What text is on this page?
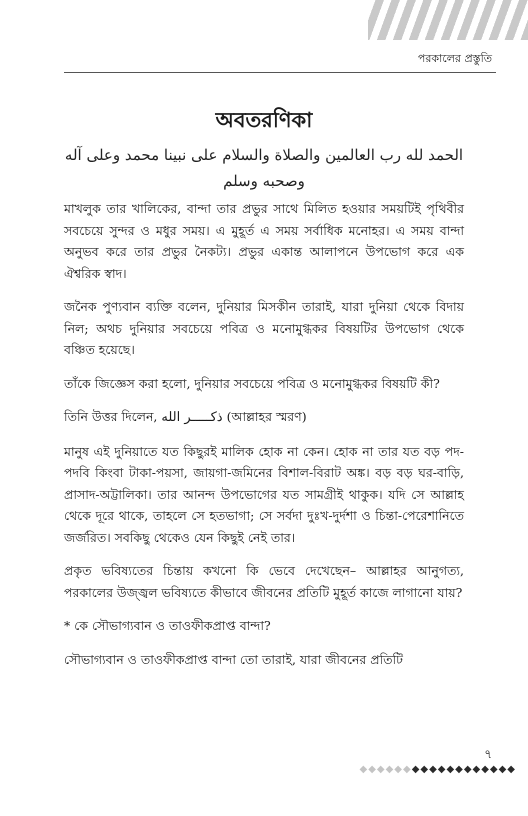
পরকালের প্রস্তুতি
অবতরণিকা
الحمد لله رب العالمين والصلاة والسلام على نبينا محمد وعلى آله وصحبه وسلم

মাখলুক তার খালিকের, বান্দা তার প্রভুর সাথে মিলিত হওয়ার সময়টিই পৃথিবীর সবচেয়ে সুন্দর ও মধুর সময়। এ মুহূর্ত এ সময় সর্বাধিক মনোহর। এ সময় বান্দা অনুভব করে তার প্রভুর নৈকট্য। প্রভুর একান্ত আলাপনে উপভোগ করে এক ঐশ্বরিক স্বাদ।

জনৈক পুণ্যবান ব্যক্তি বলেন, দুনিয়ার মিসকীন তারাই, যারা দুনিয়া থেকে বিদায় নিল; অথচ দুনিয়ার সবচেয়ে পবিত্র ও মনোমুগ্ধকর বিষয়টির উপভোগ থেকে বঞ্চিত হয়েছে।

তাঁকে জিজ্ঞেস করা হলো, দুনিয়ার সবচেয়ে পবিত্র ও মনোমুগ্ধকর বিষয়টি কী?

তিনি উত্তর দিলেন, ذكـــــر الله (আল্লাহর স্মরণ)

মানুষ এই দুনিয়াতে যত কিছুরই মালিক হোক না কেন। হোক না তার যত বড় পদ-পদবি কিংবা টাকা-পয়সা, জায়গা-জমিনের বিশাল-বিরাট অঙ্ক। বড় বড় ঘর-বাড়ি, প্রাসাদ-অট্টালিকা। তার আনন্দ উপভোগের যত সামগ্রীই থাকুক। যদি সে আল্লাহ থেকে দূরে থাকে, তাহলে সে হতভাগা; সে সর্বদা দুঃখ-দুর্দশা ও চিন্তা-পেরেশানিতে জর্জরিত। সবকিছু থেকেও যেন কিছুই নেই তার।

প্রকৃত ভবিষ্যতের চিন্তায় কখনো কি ভেবে দেখেছেন– আল্লাহর আনুগত্য, পরকালের উজ্জ্বল ভবিষ্যতে কীভাবে জীবনের প্রতিটি মুহূর্ত কাজে লাগানো যায়?

* কে সৌভাগ্যবান ও তাওফীকপ্রাপ্ত বান্দা?

সৌভাগ্যবান ও তাওফীকপ্রাপ্ত বান্দা তো তারাই, যারা জীবনের প্রতিটি

৭
◆◆◆◆◆◆◆◆◆◆◆◆◆◆◆◆◆◆
